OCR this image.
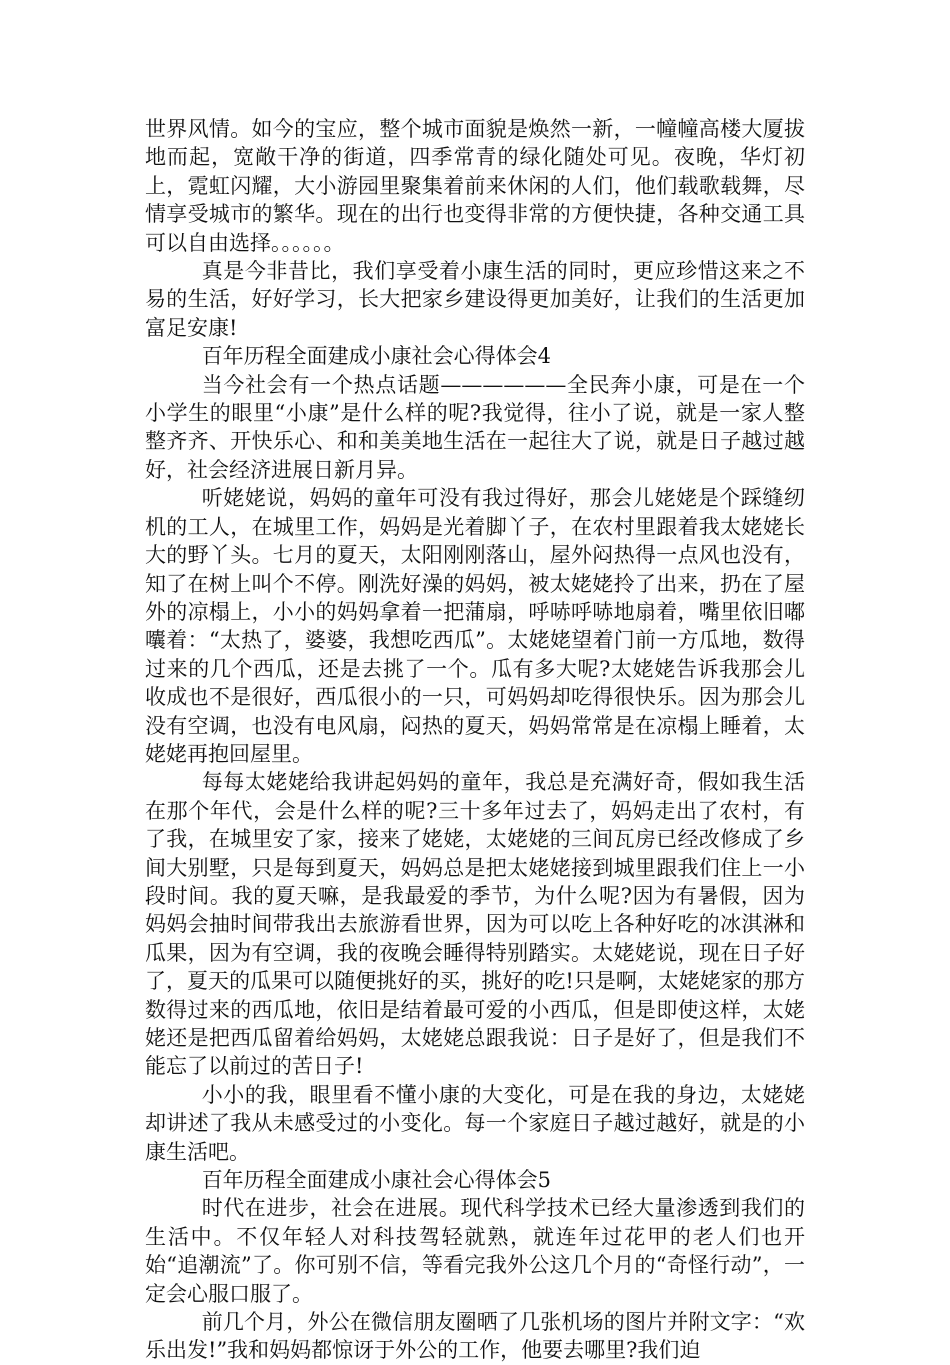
世界风情。如今的宝应，整个城市面貌是焕然一新，一幢幢高楼大厦拔地而起，宽敞干净的街道，四季常青的绿化随处可见。夜晚，华灯初上，霓虹闪耀，大小游园里聚集着前来休闲的人们，他们载歌载舞，尽情享受城市的繁华。现在的出行也变得非常的方便快捷，各种交通工具可以自由选择。。。。。。

真是今非昔比，我们享受着小康生活的同时，更应珍惜这来之不易的生活，好好学习，长大把家乡建设得更加美好，让我们的生活更加富足安康!

百年历程全面建成小康社会心得体会4

当今社会有一个热点话题——————全民奔小康，可是在一个小学生的眼里“小康”是什么样的呢?我觉得，往小了说，就是一家人整整齐齐、开快乐心、和和美美地生活在一起往大了说，就是日子越过越好，社会经济进展日新月异。

听姥姥说，妈妈的童年可没有我过得好，那会儿姥姥是个踩缝纫机的工人，在城里工作，妈妈是光着脚丫子，在农村里跟着我太姥姥长大的野丫头。七月的夏天，太阳刚刚落山，屋外闷热得一点风也没有，知了在树上叫个不停。刚洗好澡的妈妈，被太姥姥拎了出来，扔在了屋外的凉榻上，小小的妈妈拿着一把蒲扇，呼哧呼哧地扇着，嘴里依旧嘟囔着：“太热了，婆婆，我想吃西瓜”。太姥姥望着门前一方瓜地，数得过来的几个西瓜，还是去挑了一个。瓜有多大呢?太姥姥告诉我那会儿收成也不是很好，西瓜很小的一只，可妈妈却吃得很快乐。因为那会儿没有空调，也没有电风扇，闷热的夏天，妈妈常常是在凉榻上睡着，太姥姥再抱回屋里。

每每太姥姥给我讲起妈妈的童年，我总是充满好奇，假如我生活在那个年代，会是什么样的呢?三十多年过去了，妈妈走出了农村，有了我，在城里安了家，接来了姥姥，太姥姥的三间瓦房已经改修成了乡间大别墅，只是每到夏天，妈妈总是把太姥姥接到城里跟我们住上一小段时间。我的夏天嘛，是我最爱的季节，为什么呢?因为有暑假，因为妈妈会抽时间带我出去旅游看世界，因为可以吃上各种好吃的冰淇淋和瓜果，因为有空调，我的夜晚会睡得特别踏实。太姥姥说，现在日子好了，夏天的瓜果可以随便挑好的买，挑好的吃!只是啊，太姥姥家的那方数得过来的西瓜地，依旧是结着最可爱的小西瓜，但是即使这样，太姥姥还是把西瓜留着给妈妈，太姥姥总跟我说：日子是好了，但是我们不能忘了以前过的苦日子!

小小的我，眼里看不懂小康的大变化，可是在我的身边，太姥姥却讲述了我从未感受过的小变化。每一个家庭日子越过越好，就是的小康生活吧。

百年历程全面建成小康社会心得体会5

时代在进步，社会在进展。现代科学技术已经大量渗透到我们的生活中。不仅年轻人对科技驾轻就熟，就连年过花甲的老人们也开始“追潮流”了。你可别不信，等看完我外公这几个月的“奇怪行动”，一定会心服口服了。

前几个月，外公在微信朋友圈晒了几张机场的图片并附文字：“欢乐出发!”我和妈妈都惊讶于外公的工作，他要去哪里?我们迫
